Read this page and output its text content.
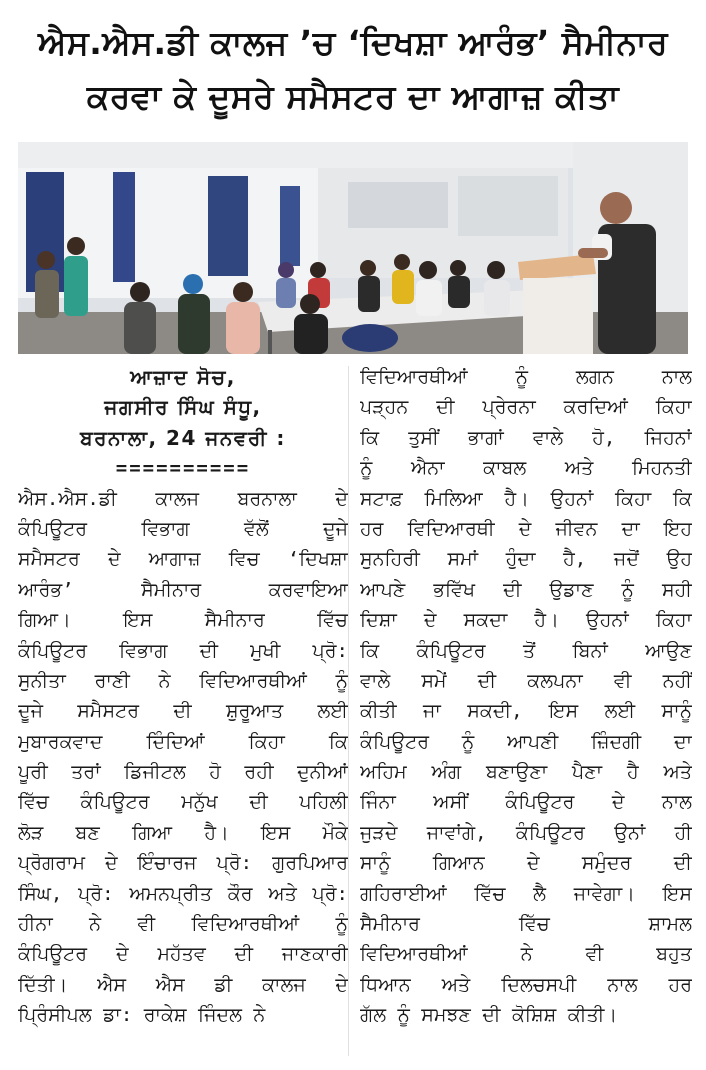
ਐਸ.ਐਸ.ਡੀ ਕਾਲਜ ’ਚ ‘ਦਿਖਸ਼ਾ ਆਰੰਭ’ ਸੈਮੀਨਾਰ
ਕਰਵਾ ਕੇ ਦੂਸਰੇ ਸਮੈਸਟਰ ਦਾ ਆਗਾਜ਼ ਕੀਤਾ
ਆਜ਼ਾਦ ਸੋਚ,
ਜਗਸੀਰ ਸਿੰਘ ਸੰਧੂ,
ਬਰਨਾਲਾ, 24 ਜਨਵਰੀ :
==========
ਐਸ.ਐਸ.ਡੀ ਕਾਲਜ ਬਰਨਾਲਾ ਦੇ
ਕੰਪਿਊਟਰ ਵਿਭਾਗ ਵੱਲੋਂ ਦੂਜੇ
ਸਮੈਸਟਰ ਦੇ ਆਗਾਜ਼ ਵਿਚ ‘ਦਿਖਸ਼ਾ
ਆਰੰਭ’ ਸੈਮੀਨਾਰ ਕਰਵਾਇਆ
ਗਿਆ। ਇਸ ਸੈਮੀਨਾਰ ਵਿੱਚ
ਕੰਪਿਊਟਰ ਵਿਭਾਗ ਦੀ ਮੁਖੀ ਪ੍ਰੋ:
ਸੁਨੀਤਾ ਰਾਣੀ ਨੇ ਵਿਦਿਆਰਥੀਆਂ ਨੂੰ
ਦੂਜੇ ਸਮੈਸਟਰ ਦੀ ਸ਼ੁਰੂਆਤ ਲਈ
ਮੁਬਾਰਕਵਾਦ ਦਿੰਦਿਆਂ ਕਿਹਾ ਕਿ
ਪੂਰੀ ਤਰਾਂ ਡਿਜੀਟਲ ਹੋ ਰਹੀ ਦੁਨੀਆਂ
ਵਿੱਚ ਕੰਪਿਊਟਰ ਮਨੁੱਖ ਦੀ ਪਹਿਲੀ
ਲੋੜ ਬਣ ਗਿਆ ਹੈ। ਇਸ ਮੌਕੇ
ਪ੍ਰੋਗਰਾਮ ਦੇ ਇੰਚਾਰਜ ਪ੍ਰੋ: ਗੁਰਪਿਆਰ
ਸਿੰਘ, ਪ੍ਰੋ: ਅਮਨਪ੍ਰੀਤ ਕੌਰ ਅਤੇ ਪ੍ਰੋ:
ਹੀਨਾ ਨੇ ਵੀ ਵਿਦਿਆਰਥੀਆਂ ਨੂੰ
ਕੰਪਿਊਟਰ ਦੇ ਮਹੱਤਵ ਦੀ ਜਾਣਕਾਰੀ
ਦਿੱਤੀ। ਐਸ ਐਸ ਡੀ ਕਾਲਜ ਦੇ
ਪ੍ਰਿੰਸੀਪਲ ਡਾ: ਰਾਕੇਸ਼ ਜਿੰਦਲ ਨੇ
ਵਿਦਿਆਰਥੀਆਂ ਨੂੰ ਲਗਨ ਨਾਲ
ਪੜ੍ਹਨ ਦੀ ਪ੍ਰੇਰਨਾ ਕਰਦਿਆਂ ਕਿਹਾ
ਕਿ ਤੁਸੀਂ ਭਾਗਾਂ ਵਾਲੇ ਹੋ, ਜਿਹਨਾਂ
ਨੂੰ ਐਨਾ ਕਾਬਲ ਅਤੇ ਮਿਹਨਤੀ
ਸਟਾਫ਼ ਮਿਲਿਆ ਹੈ। ਉਹਨਾਂ ਕਿਹਾ ਕਿ
ਹਰ ਵਿਦਿਆਰਥੀ ਦੇ ਜੀਵਨ ਦਾ ਇਹ
ਸੁਨਹਿਰੀ ਸਮਾਂ ਹੁੰਦਾ ਹੈ, ਜਦੋਂ ਉਹ
ਆਪਣੇ ਭਵਿੱਖ ਦੀ ਉਡਾਣ ਨੂੰ ਸਹੀ
ਦਿਸ਼ਾ ਦੇ ਸਕਦਾ ਹੈ। ਉਹਨਾਂ ਕਿਹਾ
ਕਿ ਕੰਪਿਊਟਰ ਤੋਂ ਬਿਨਾਂ ਆਉਣ
ਵਾਲੇ ਸਮੇਂ ਦੀ ਕਲਪਨਾ ਵੀ ਨਹੀਂ
ਕੀਤੀ ਜਾ ਸਕਦੀ, ਇਸ ਲਈ ਸਾਨੂੰ
ਕੰਪਿਊਟਰ ਨੂੰ ਆਪਣੀ ਜ਼ਿੰਦਗੀ ਦਾ
ਅਹਿਮ ਅੰਗ ਬਣਾਉਣਾ ਪੈਣਾ ਹੈ ਅਤੇ
ਜਿੰਨਾ ਅਸੀਂ ਕੰਪਿਊਟਰ ਦੇ ਨਾਲ
ਜੁੜਦੇ ਜਾਵਾਂਗੇ, ਕੰਪਿਊਟਰ ਉਨਾਂ ਹੀ
ਸਾਨੂੰ ਗਿਆਨ ਦੇ ਸਮੁੰਦਰ ਦੀ
ਗਹਿਰਾਈਆਂ ਵਿੱਚ ਲੈ ਜਾਵੇਗਾ। ਇਸ
ਸੈਮੀਨਾਰ ਵਿੱਚ ਸ਼ਾਮਲ
ਵਿਦਿਆਰਥੀਆਂ ਨੇ ਵੀ ਬਹੁਤ
ਧਿਆਨ ਅਤੇ ਦਿਲਚਸਪੀ ਨਾਲ ਹਰ
ਗੱਲ ਨੂੰ ਸਮਝਣ ਦੀ ਕੋਸ਼ਿਸ਼ ਕੀਤੀ।
